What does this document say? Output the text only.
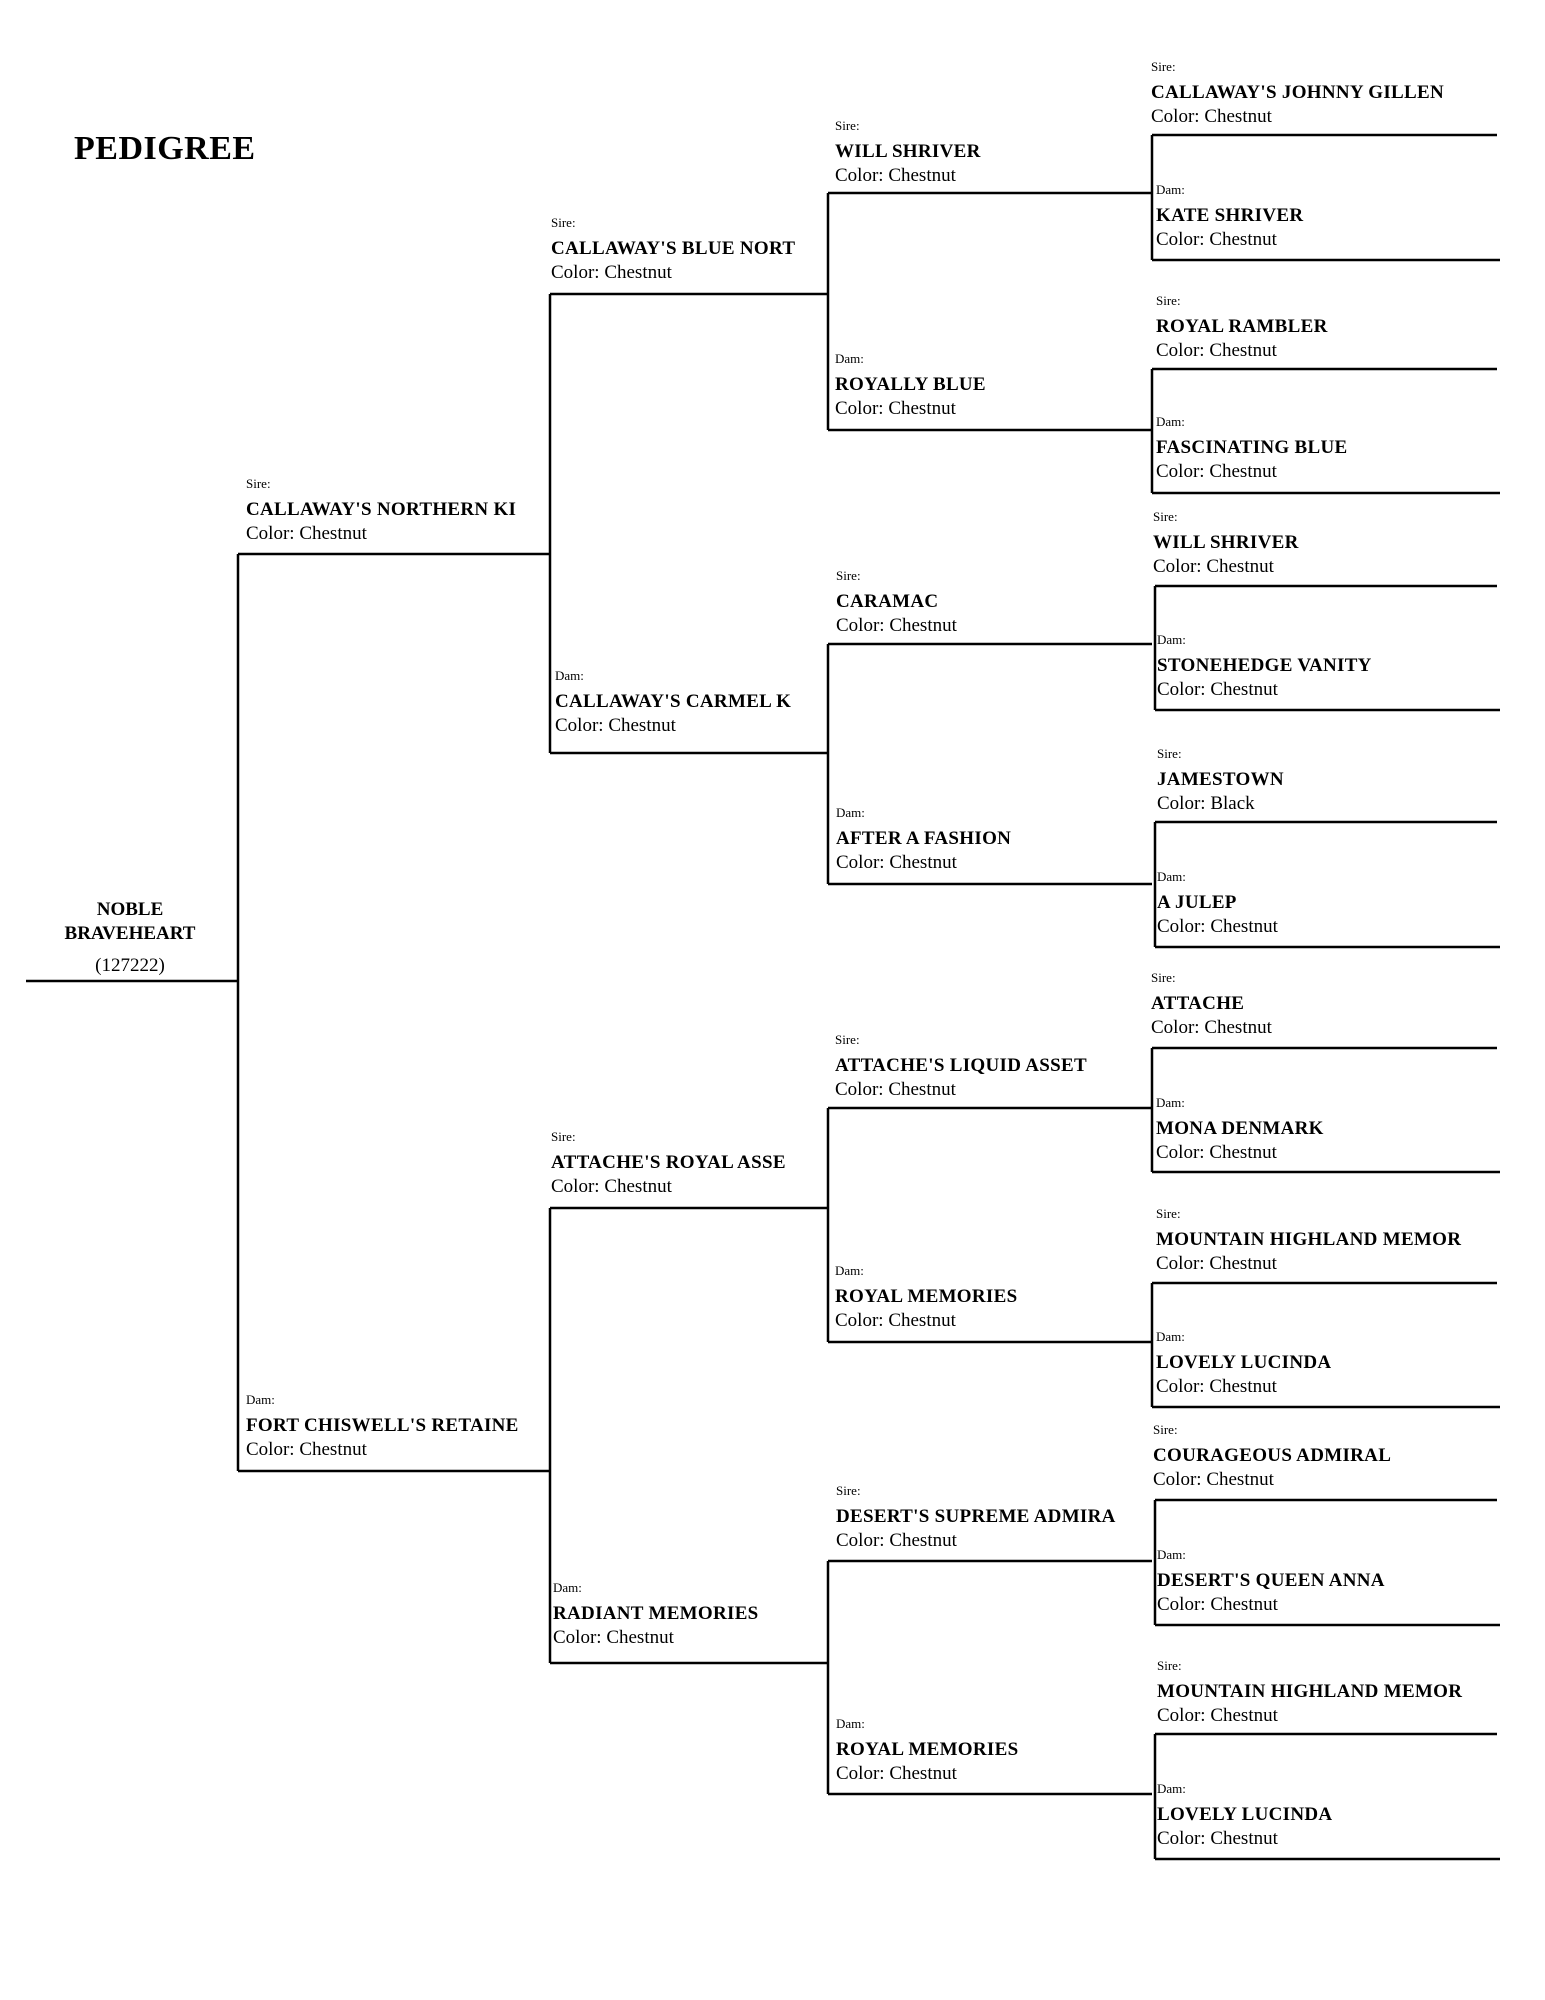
PEDIGREE
NOBLE
BRAVEHEART
(127222)
Sire:
CALLAWAY'S NORTHERN KI
Color: Chestnut
Dam:
FORT CHISWELL'S RETAINE
Color: Chestnut
Sire:
CALLAWAY'S BLUE NORT
Color: Chestnut
Dam:
CALLAWAY'S CARMEL K
Color: Chestnut
Sire:
ATTACHE'S ROYAL ASSE
Color: Chestnut
Dam:
RADIANT MEMORIES
Color: Chestnut
Sire:
WILL SHRIVER
Color: Chestnut
Dam:
ROYALLY BLUE
Color: Chestnut
Sire:
CARAMAC
Color: Chestnut
Dam:
AFTER A FASHION
Color: Chestnut
Sire:
ATTACHE'S LIQUID ASSET
Color: Chestnut
Dam:
ROYAL MEMORIES
Color: Chestnut
Sire:
DESERT'S SUPREME ADMIRA
Color: Chestnut
Dam:
ROYAL MEMORIES
Color: Chestnut
Sire:
CALLAWAY'S JOHNNY GILLEN
Color: Chestnut
Dam:
KATE SHRIVER
Color: Chestnut
Sire:
ROYAL RAMBLER
Color: Chestnut
Dam:
FASCINATING BLUE
Color: Chestnut
Sire:
WILL SHRIVER
Color: Chestnut
Dam:
STONEHEDGE VANITY
Color: Chestnut
Sire:
JAMESTOWN
Color: Black
Dam:
A JULEP
Color: Chestnut
Sire:
ATTACHE
Color: Chestnut
Dam:
MONA DENMARK
Color: Chestnut
Sire:
MOUNTAIN HIGHLAND MEMOR
Color: Chestnut
Dam:
LOVELY LUCINDA
Color: Chestnut
Sire:
COURAGEOUS ADMIRAL
Color: Chestnut
Dam:
DESERT'S QUEEN ANNA
Color: Chestnut
Sire:
MOUNTAIN HIGHLAND MEMOR
Color: Chestnut
Dam:
LOVELY LUCINDA
Color: Chestnut
